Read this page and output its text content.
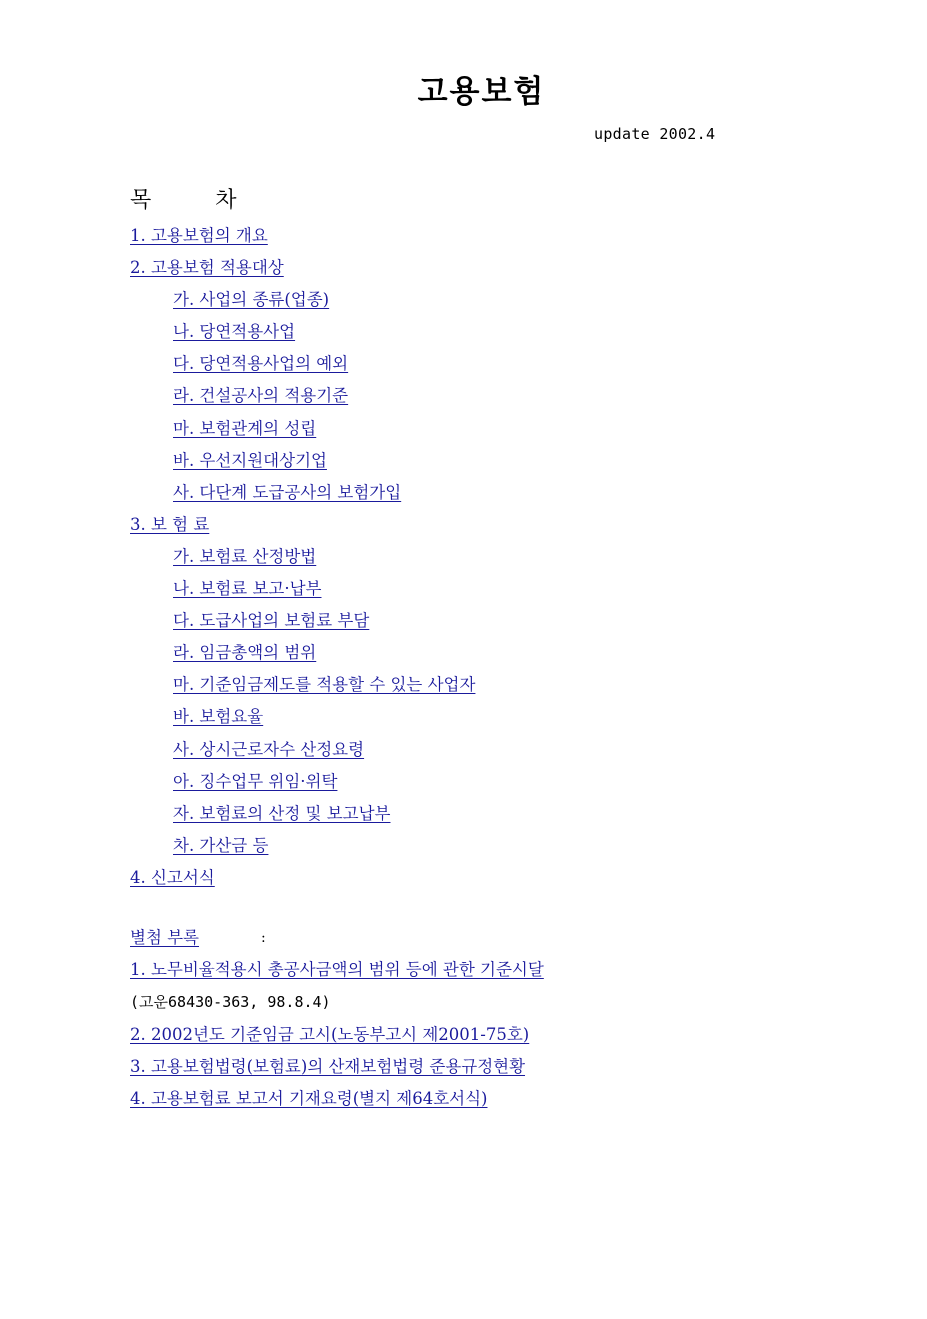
고용보험
update 2002.4
목	차
1. 고용보험의 개요
2. 고용보험 적용대상
가. 사업의 종류(업종)
나. 당연적용사업
다. 당연적용사업의 예외
라. 건설공사의 적용기준
마. 보험관계의 성립
바. 우선지원대상기업
사. 다단계 도급공사의 보험가입
3. 보 험 료
가. 보험료 산정방법
나. 보험료 보고·납부
다. 도급사업의 보험료 부담
라. 임금총액의 범위
마. 기준임금제도를 적용할 수 있는 사업자
바. 보험요율
사. 상시근로자수 산정요령
아. 징수업무 위임·위탁
자. 보험료의 산정 및 보고납부
차. 가산금 등
4. 신고서식
별첨 부록	:
1. 노무비율적용시 총공사금액의 범위 등에 관한 기준시달
(고운68430-363, 98.8.4)
2. 2002년도 기준임금 고시(노동부고시 제2001-75호)
3. 고용보험법령(보험료)의 산재보험법령 준용규정현황
4. 고용보험료 보고서 기재요령(별지 제64호서식)
